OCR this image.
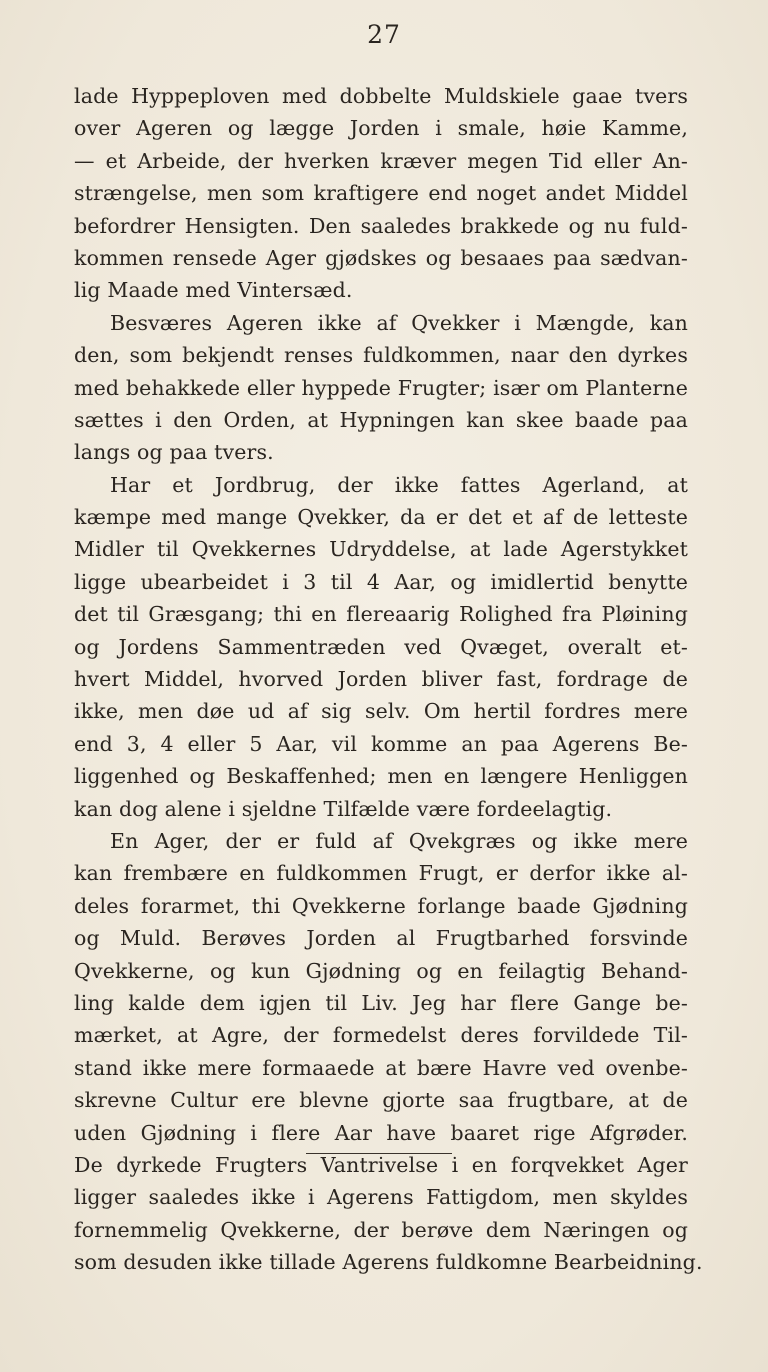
27
lade Hyppeploven med dobbelte Muldskiele gaae tvers
over Ageren og lægge Jorden i smale, høie Kamme,
— et Arbeide, der hverken kræver megen Tid eller An-
strængelse, men som kraftigere end noget andet Middel
befordrer Hensigten. Den saaledes brakkede og nu fuld-
kommen rensede Ager gjødskes og besaaes paa sædvan-
lig Maade med Vintersæd.
Besværes Ageren ikke af Qvekker i Mængde, kan
den, som bekjendt renses fuldkommen, naar den dyrkes
med behakkede eller hyppede Frugter; især om Planterne
sættes i den Orden, at Hypningen kan skee baade paa
langs og paa tvers.
Har et Jordbrug, der ikke fattes Agerland, at
kæmpe med mange Qvekker, da er det et af de letteste
Midler til Qvekkernes Udryddelse, at lade Agerstykket
ligge ubearbeidet i 3 til 4 Aar, og imidlertid benytte
det til Græsgang; thi en flereaarig Rolighed fra Pløining
og Jordens Sammentræden ved Qvæget, overalt et-
hvert Middel, hvorved Jorden bliver fast, fordrage de
ikke, men døe ud af sig selv. Om hertil fordres mere
end 3, 4 eller 5 Aar, vil komme an paa Agerens Be-
liggenhed og Beskaffenhed; men en længere Henliggen
kan dog alene i sjeldne Tilfælde være fordeelagtig.
En Ager, der er fuld af Qvekgræs og ikke mere
kan frembære en fuldkommen Frugt, er derfor ikke al-
deles forarmet, thi Qvekkerne forlange baade Gjødning
og Muld. Berøves Jorden al Frugtbarhed forsvinde
Qvekkerne, og kun Gjødning og en feilagtig Behand-
ling kalde dem igjen til Liv. Jeg har flere Gange be-
mærket, at Agre, der formedelst deres forvildede Til-
stand ikke mere formaaede at bære Havre ved ovenbe-
skrevne Cultur ere blevne gjorte saa frugtbare, at de
uden Gjødning i flere Aar have baaret rige Afgrøder.
De dyrkede Frugters Vantrivelse i en forqvekket Ager
ligger saaledes ikke i Agerens Fattigdom, men skyldes
fornemmelig Qvekkerne, der berøve dem Næringen og
som desuden ikke tillade Agerens fuldkomne Bearbeidning.
